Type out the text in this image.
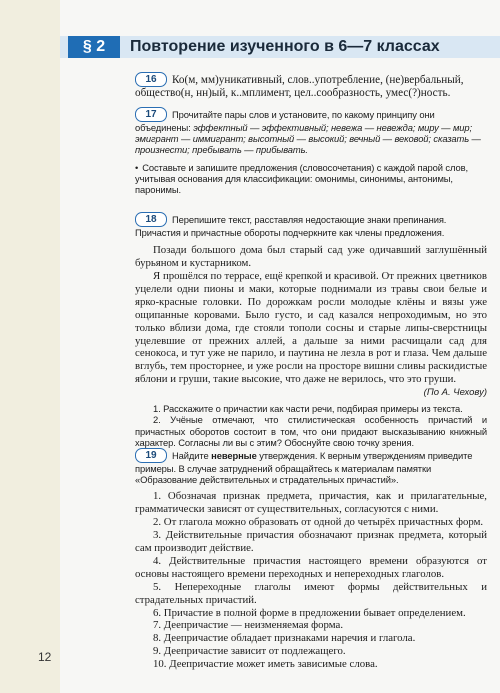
§ 2	Повторение изученного в 6—7 классах

16 Ко(м, мм)уникативный, слов..употребление, (не)вербальный, общество(н, нн)ый, к..мплимент, цел..сообразность, умес(?)ность.

17 Прочитайте пары слов и установите, по какому принципу они объединены: эффектный — эффективный; невежа — невежда; миру — мир; эмигрант — иммигрант; высотный — высокий; вечный — вековой; сказать — произнести; пребывать — прибывать.

• Составьте и запишите предложения (словосочетания) с каждой парой слов, учитывая основания для классификации: омонимы, синонимы, антонимы, паронимы.

18 Перепишите текст, расставляя недостающие знаки препинания. Причастия и причастные обороты подчеркните как члены предложения.

Позади большого дома был старый сад уже одичавший заглушённый бурьяном и кустарником.

Я прошёлся по террасе, ещё крепкой и красивой. От прежних цветников уцелели одни пионы и маки, которые поднимали из травы свои белые и ярко-красные головки. По дорожкам росли молодые клёны и вязы уже ощипанные коровами. Было густо, и сад казался непроходимым, но это только вблизи дома, где стояли тополи сосны и старые липы-сверстницы уцелевшие от прежних аллей, а дальше за ними расчищали сад для сенокоса, и тут уже не парило, и паутина не лезла в рот и глаза. Чем дальше вглубь, тем просторнее, и уже росли на просторе вишни сливы раскидистые яблони и груши, такие высокие, что даже не верилось, что это груши.

(По А. Чехову)

1. Расскажите о причастии как части речи, подбирая примеры из текста.

2. Учёные отмечают, что стилистическая особенность причастий и причастных оборотов состоит в том, что они придают высказыванию книжный характер. Согласны ли вы с этим? Обоснуйте свою точку зрения.

19 Найдите неверные утверждения. К верным утверждениям приведите примеры. В случае затруднений обращайтесь к материалам памятки «Образование действительных и страдательных причастий».

1. Обозначая признак предмета, причастия, как и прилагательные, грамматически зависят от существительных, согласуются с ними.

2. От глагола можно образовать от одной до четырёх причастных форм.

3. Действительные причастия обозначают признак предмета, который сам производит действие.

4. Действительные причастия настоящего времени образуются от основы настоящего времени переходных и непереходных глаголов.

5. Непереходные глаголы имеют формы действительных и страдательных причастий.

6. Причастие в полной форме в предложении бывает определением.

7. Деепричастие — неизменяемая форма.

8. Деепричастие обладает признаками наречия и глагола.

9. Деепричастие зависит от подлежащего.

10. Деепричастие может иметь зависимые слова.

12
